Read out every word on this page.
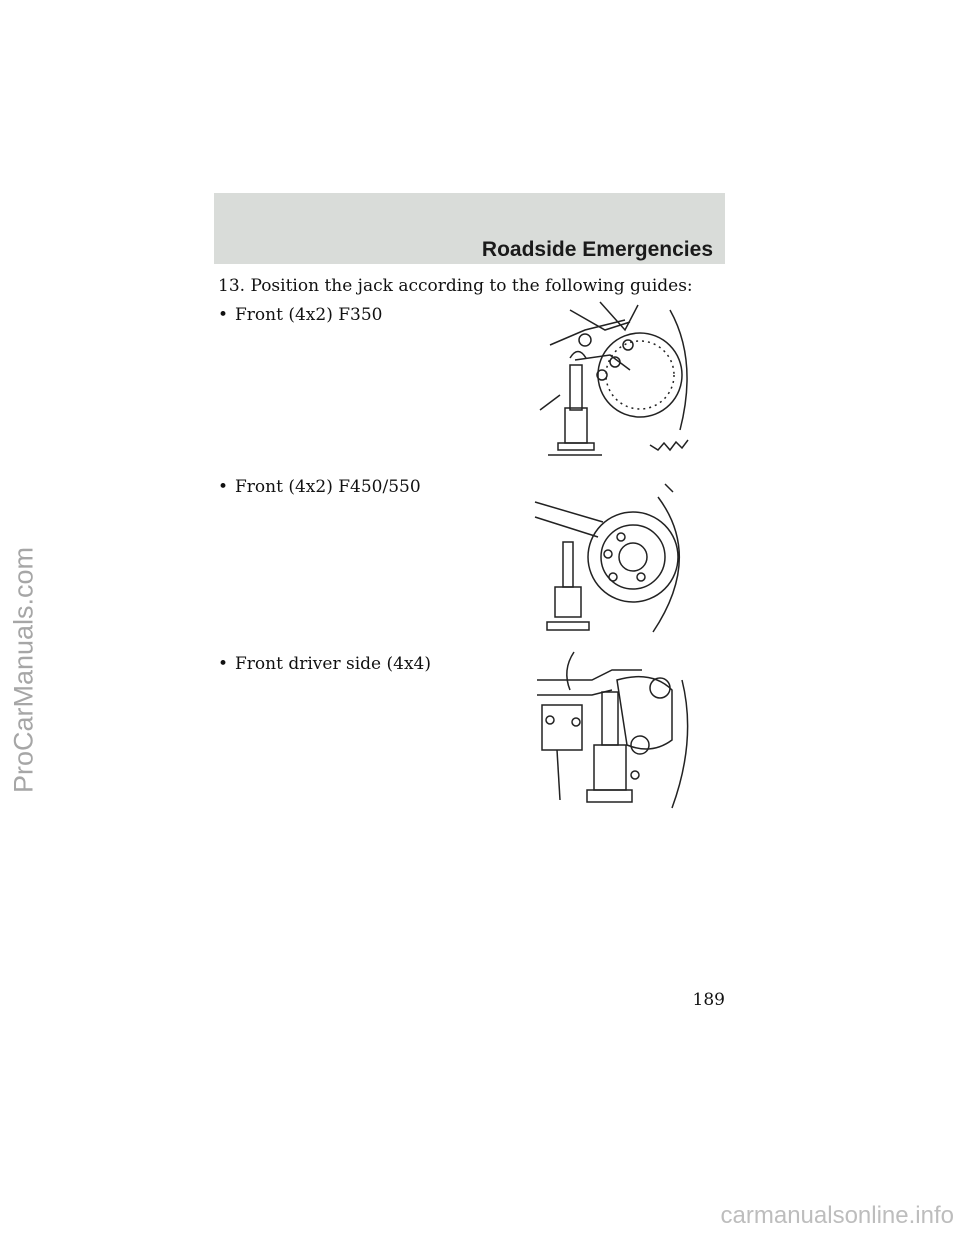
Roadside Emergencies
13. Position the jack according to the following guides:
• Front (4x2) F350
• Front (4x2) F450/550
• Front driver side (4x4)
189
ProCarManuals.com
carmanualsonline.info
